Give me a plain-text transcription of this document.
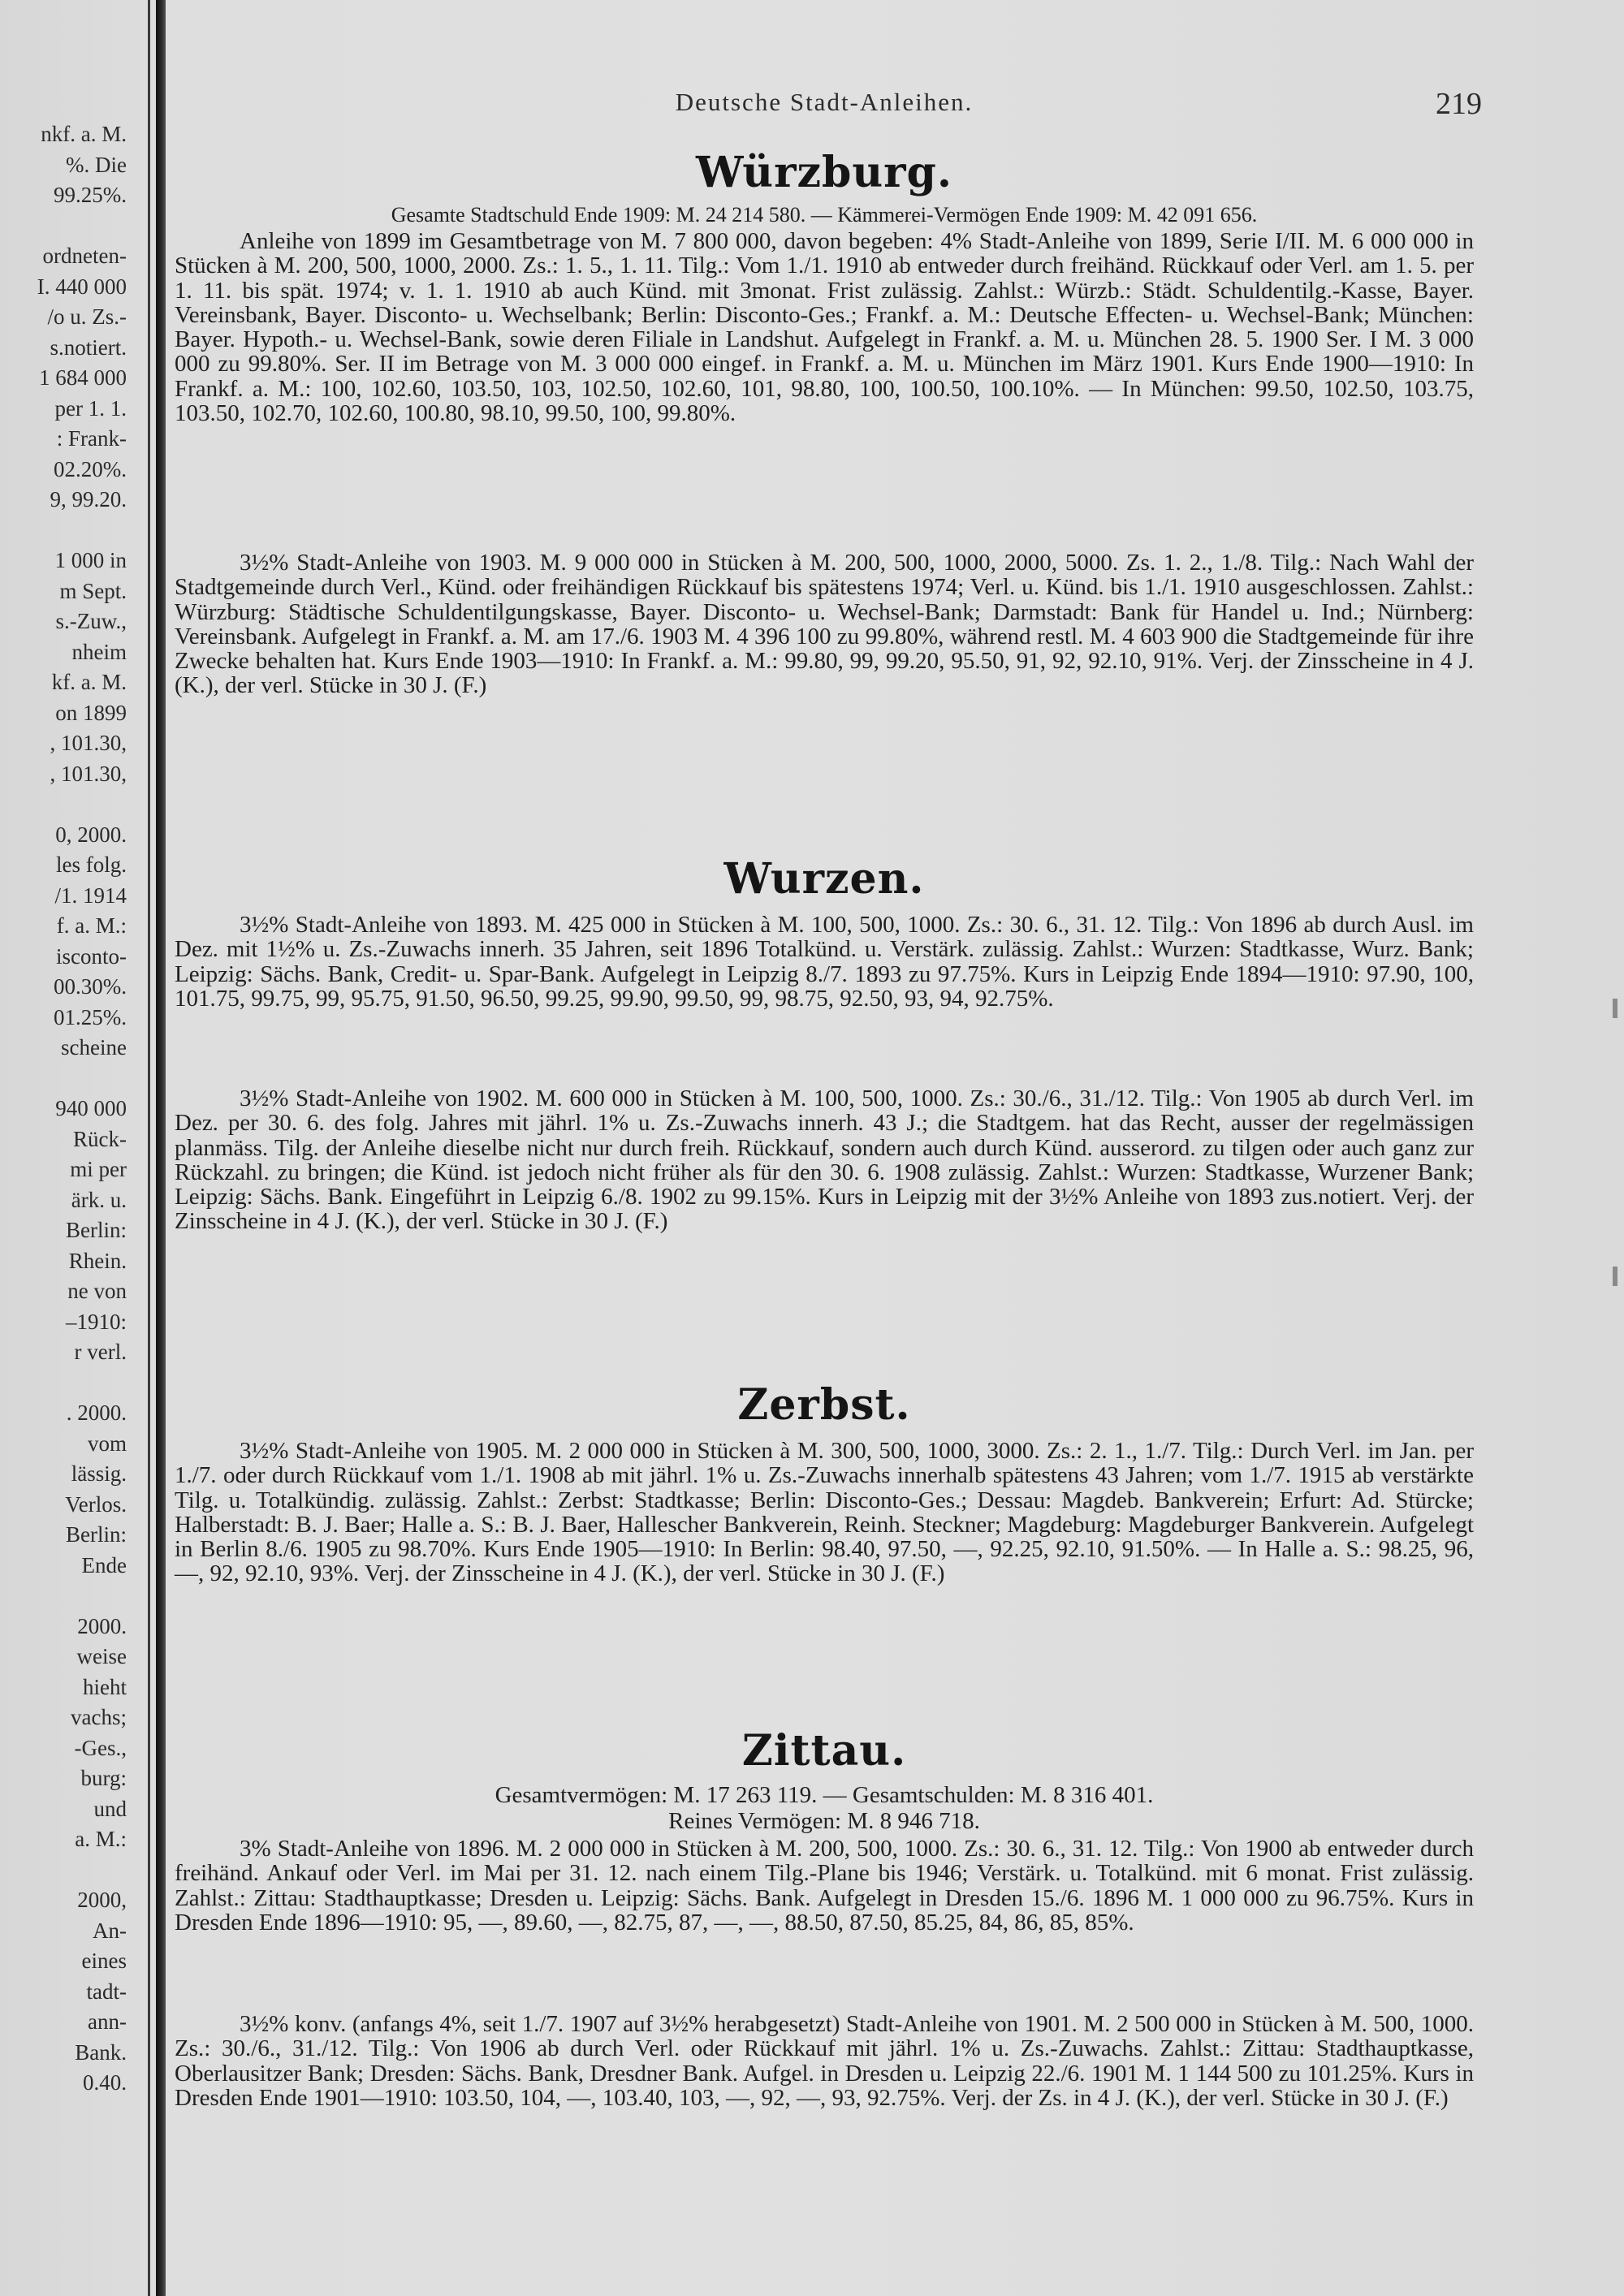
nkf. a. M.
%. Die
99.25%.
ordneten-
I. 440 000
/o u. Zs.-
s.notiert.
1 684 000
per 1. 1.
: Frank-
02.20%.
9, 99.20.
1 000 in
m Sept.
s.-Zuw.,
nheim
kf. a. M.
on 1899
, 101.30,
, 101.30,
0, 2000.
les folg.
/1. 1914
f. a. M.:
isconto-
00.30%.
01.25%.
scheine
940 000
Rück-
mi per
ärk. u.
Berlin:
Rhein.
ne von
–1910:
r verl.
. 2000.
vom
lässig.
Verlos.
Berlin:
Ende
2000.
weise
hieht
vachs;
-Ges.,
burg:
und
a. M.:
2000,
An-
eines
tadt-
ann-
Bank.
0.40.
Deutsche Stadt-Anleihen.	219
Würzburg.
Gesamte Stadtschuld Ende 1909: M. 24 214 580. — Kämmerei-Vermögen Ende 1909: M. 42 091 656.
Anleihe von 1899 im Gesamtbetrage von M. 7 800 000, davon begeben: 4% Stadt-Anleihe von 1899, Serie I/II. M. 6 000 000 in Stücken à M. 200, 500, 1000, 2000. Zs.: 1. 5., 1. 11. Tilg.: Vom 1./1. 1910 ab entweder durch freihänd. Rückkauf oder Verl. am 1. 5. per 1. 11. bis spät. 1974; v. 1. 1. 1910 ab auch Künd. mit 3monat. Frist zulässig. Zahlst.: Würzb.: Städt. Schuldentilg.-Kasse, Bayer. Vereinsbank, Bayer. Disconto- u. Wechselbank; Berlin: Disconto-Ges.; Frankf. a. M.: Deutsche Effecten- u. Wechsel-Bank; München: Bayer. Hypoth.- u. Wechsel-Bank, sowie deren Filiale in Landshut. Aufgelegt in Frankf. a. M. u. München 28. 5. 1900 Ser. I M. 3 000 000 zu 99.80%. Ser. II im Betrage von M. 3 000 000 eingef. in Frankf. a. M. u. München im März 1901. Kurs Ende 1900—1910: In Frankf. a. M.: 100, 102.60, 103.50, 103, 102.50, 102.60, 101, 98.80, 100, 100.50, 100.10%. — In München: 99.50, 102.50, 103.75, 103.50, 102.70, 102.60, 100.80, 98.10, 99.50, 100, 99.80%.
3½% Stadt-Anleihe von 1903. M. 9 000 000 in Stücken à M. 200, 500, 1000, 2000, 5000. Zs. 1. 2., 1./8. Tilg.: Nach Wahl der Stadtgemeinde durch Verl., Künd. oder freihändigen Rückkauf bis spätestens 1974; Verl. u. Künd. bis 1./1. 1910 ausgeschlossen. Zahlst.: Würzburg: Städtische Schuldentilgungskasse, Bayer. Disconto- u. Wechsel-Bank; Darmstadt: Bank für Handel u. Ind.; Nürnberg: Vereinsbank. Aufgelegt in Frankf. a. M. am 17./6. 1903 M. 4 396 100 zu 99.80%, während restl. M. 4 603 900 die Stadtgemeinde für ihre Zwecke behalten hat. Kurs Ende 1903—1910: In Frankf. a. M.: 99.80, 99, 99.20, 95.50, 91, 92, 92.10, 91%. Verj. der Zinsscheine in 4 J. (K.), der verl. Stücke in 30 J. (F.)
Wurzen.
3½% Stadt-Anleihe von 1893. M. 425 000 in Stücken à M. 100, 500, 1000. Zs.: 30. 6., 31. 12. Tilg.: Von 1896 ab durch Ausl. im Dez. mit 1½% u. Zs.-Zuwachs innerh. 35 Jahren, seit 1896 Totalkünd. u. Verstärk. zulässig. Zahlst.: Wurzen: Stadtkasse, Wurz. Bank; Leipzig: Sächs. Bank, Credit- u. Spar-Bank. Aufgelegt in Leipzig 8./7. 1893 zu 97.75%. Kurs in Leipzig Ende 1894—1910: 97.90, 100, 101.75, 99.75, 99, 95.75, 91.50, 96.50, 99.25, 99.90, 99.50, 99, 98.75, 92.50, 93, 94, 92.75%.
3½% Stadt-Anleihe von 1902. M. 600 000 in Stücken à M. 100, 500, 1000. Zs.: 30./6., 31./12. Tilg.: Von 1905 ab durch Verl. im Dez. per 30. 6. des folg. Jahres mit jährl. 1% u. Zs.-Zuwachs innerh. 43 J.; die Stadtgem. hat das Recht, ausser der regelmässigen planmäss. Tilg. der Anleihe dieselbe nicht nur durch freih. Rückkauf, sondern auch durch Künd. ausserord. zu tilgen oder auch ganz zur Rückzahl. zu bringen; die Künd. ist jedoch nicht früher als für den 30. 6. 1908 zulässig. Zahlst.: Wurzen: Stadtkasse, Wurzener Bank; Leipzig: Sächs. Bank. Eingeführt in Leipzig 6./8. 1902 zu 99.15%. Kurs in Leipzig mit der 3½% Anleihe von 1893 zus.notiert. Verj. der Zinsscheine in 4 J. (K.), der verl. Stücke in 30 J. (F.)
Zerbst.
3½% Stadt-Anleihe von 1905. M. 2 000 000 in Stücken à M. 300, 500, 1000, 3000. Zs.: 2. 1., 1./7. Tilg.: Durch Verl. im Jan. per 1./7. oder durch Rückkauf vom 1./1. 1908 ab mit jährl. 1% u. Zs.-Zuwachs innerhalb spätestens 43 Jahren; vom 1./7. 1915 ab verstärkte Tilg. u. Totalkündig. zulässig. Zahlst.: Zerbst: Stadtkasse; Berlin: Disconto-Ges.; Dessau: Magdeb. Bankverein; Erfurt: Ad. Stürcke; Halberstadt: B. J. Baer; Halle a. S.: B. J. Baer, Hallescher Bankverein, Reinh. Steckner; Magdeburg: Magdeburger Bankverein. Aufgelegt in Berlin 8./6. 1905 zu 98.70%. Kurs Ende 1905—1910: In Berlin: 98.40, 97.50, —, 92.25, 92.10, 91.50%. — In Halle a. S.: 98.25, 96, —, 92, 92.10, 93%. Verj. der Zinsscheine in 4 J. (K.), der verl. Stücke in 30 J. (F.)
Zittau.
Gesamtvermögen: M. 17 263 119. — Gesamtschulden: M. 8 316 401.
Reines Vermögen: M. 8 946 718.
3% Stadt-Anleihe von 1896. M. 2 000 000 in Stücken à M. 200, 500, 1000. Zs.: 30. 6., 31. 12. Tilg.: Von 1900 ab entweder durch freihänd. Ankauf oder Verl. im Mai per 31. 12. nach einem Tilg.-Plane bis 1946; Verstärk. u. Totalkünd. mit 6 monat. Frist zulässig. Zahlst.: Zittau: Stadthauptkasse; Dresden u. Leipzig: Sächs. Bank. Aufgelegt in Dresden 15./6. 1896 M. 1 000 000 zu 96.75%. Kurs in Dresden Ende 1896—1910: 95, —, 89.60, —, 82.75, 87, —, —, 88.50, 87.50, 85.25, 84, 86, 85, 85%.
3½% konv. (anfangs 4%, seit 1./7. 1907 auf 3½% herabgesetzt) Stadt-Anleihe von 1901. M. 2 500 000 in Stücken à M. 500, 1000. Zs.: 30./6., 31./12. Tilg.: Von 1906 ab durch Verl. oder Rückkauf mit jährl. 1% u. Zs.-Zuwachs. Zahlst.: Zittau: Stadthauptkasse, Oberlausitzer Bank; Dresden: Sächs. Bank, Dresdner Bank. Aufgel. in Dresden u. Leipzig 22./6. 1901 M. 1 144 500 zu 101.25%. Kurs in Dresden Ende 1901—1910: 103.50, 104, —, 103.40, 103, —, 92, —, 93, 92.75%. Verj. der Zs. in 4 J. (K.), der verl. Stücke in 30 J. (F.)
